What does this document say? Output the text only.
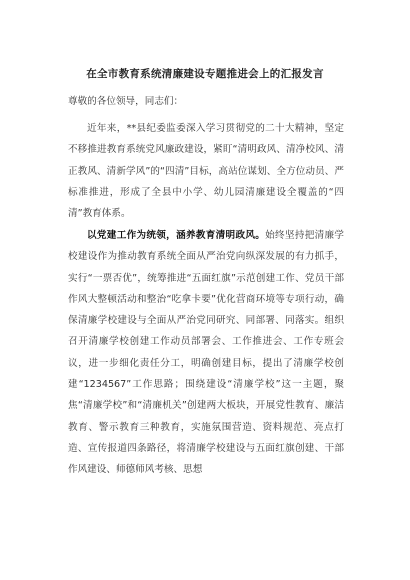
在全市教育系统清廉建设专题推进会上的汇报发言
尊敬的各位领导，同志们：

近年来，**县纪委监委深入学习贯彻党的二十大精神，坚定不移推进教育系统党风廉政建设，紧盯“清明政风、清净校风、清正教风、清新学风”的“四清”目标，高站位谋划、全方位动员、严标准推进，形成了全县中小学、幼儿园清廉建设全覆盖的“四清”教育体系。

以党建工作为统领，涵养教育清明政风。始终坚持把清廉学校建设作为推动教育系统全面从严治党向纵深发展的有力抓手，实行“一票否优”，统筹推进“五面红旗”示范创建工作、党员干部作风大整顿活动和整治“吃拿卡要”优化营商环境等专项行动，确保清廉学校建设与全面从严治党同研究、同部署、同落实。组织召开清廉学校创建工作动员部署会、工作推进会、工作专班会议，进一步细化责任分工，明确创建目标，提出了清廉学校创建“1234567”工作思路；围绕建设“清廉学校”这一主题，聚焦“清廉学校”和“清廉机关”创建两大板块，开展党性教育、廉洁教育、警示教育三种教育，实施氛围营造、资料规范、亮点打造、宣传报道四条路径，将清廉学校建设与五面红旗创建、干部作风建设、师德师风考核、思想
